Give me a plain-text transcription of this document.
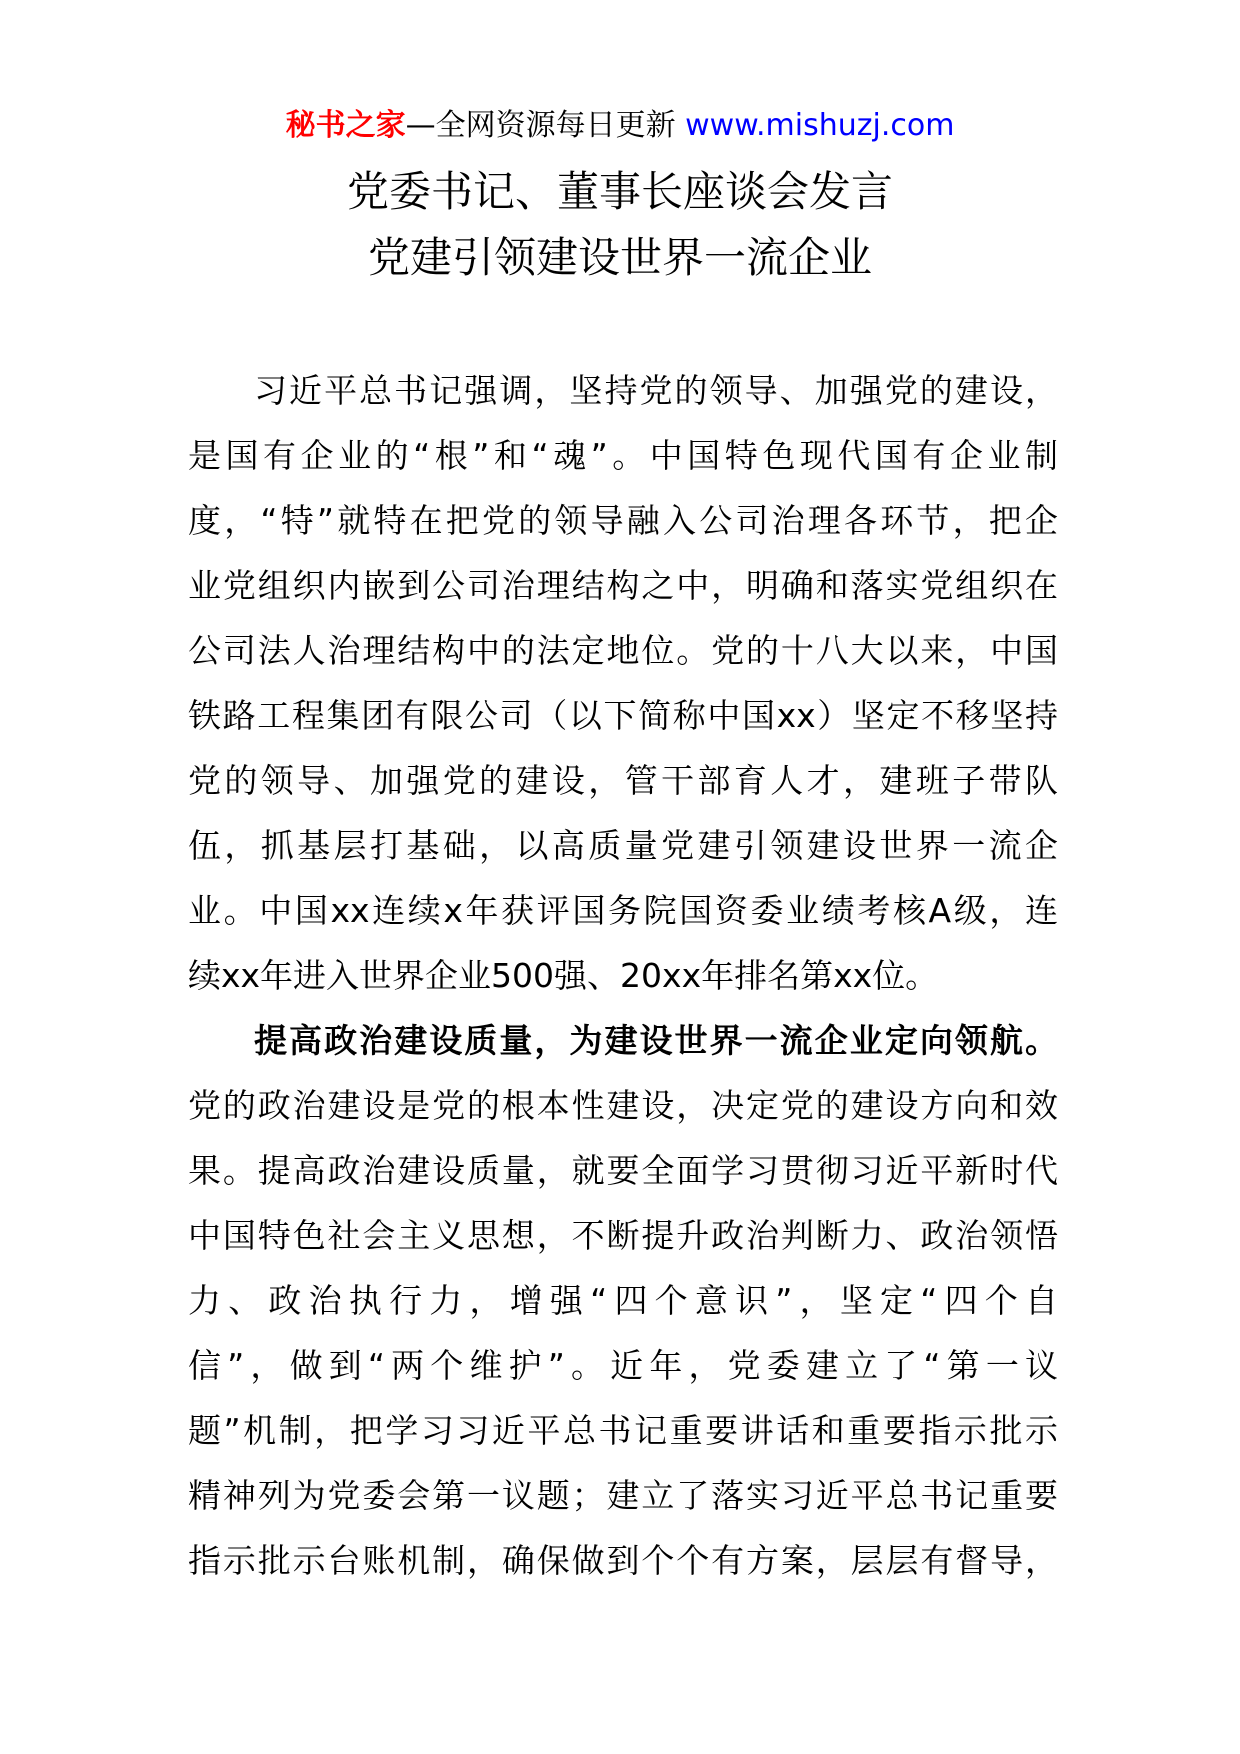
秘书之家—全网资源每日更新 www.mishuzj.com
党委书记、董事长座谈会发言
党建引领建设世界一流企业
习近平总书记强调，坚持党的领导、加强党的建设，
是国有企业的“根”和“魂”。中国特色现代国有企业制
度，“特”就特在把党的领导融入公司治理各环节，把企
业党组织内嵌到公司治理结构之中，明确和落实党组织在
公司法人治理结构中的法定地位。党的十八大以来，中国
铁路工程集团有限公司（以下简称中国xx）坚定不移坚持
党的领导、加强党的建设，管干部育人才，建班子带队
伍，抓基层打基础，以高质量党建引领建设世界一流企
业。中国xx连续x年获评国务院国资委业绩考核A级，连
续xx年进入世界企业500强、20xx年排名第xx位。
提高政治建设质量，为建设世界一流企业定向领航。
党的政治建设是党的根本性建设，决定党的建设方向和效
果。提高政治建设质量，就要全面学习贯彻习近平新时代
中国特色社会主义思想，不断提升政治判断力、政治领悟
力、政治执行力，增强“四个意识”，坚定“四个自
信”，做到“两个维护”。近年，党委建立了“第一议
题”机制，把学习习近平总书记重要讲话和重要指示批示
精神列为党委会第一议题；建立了落实习近平总书记重要
指示批示台账机制，确保做到个个有方案，层层有督导，
